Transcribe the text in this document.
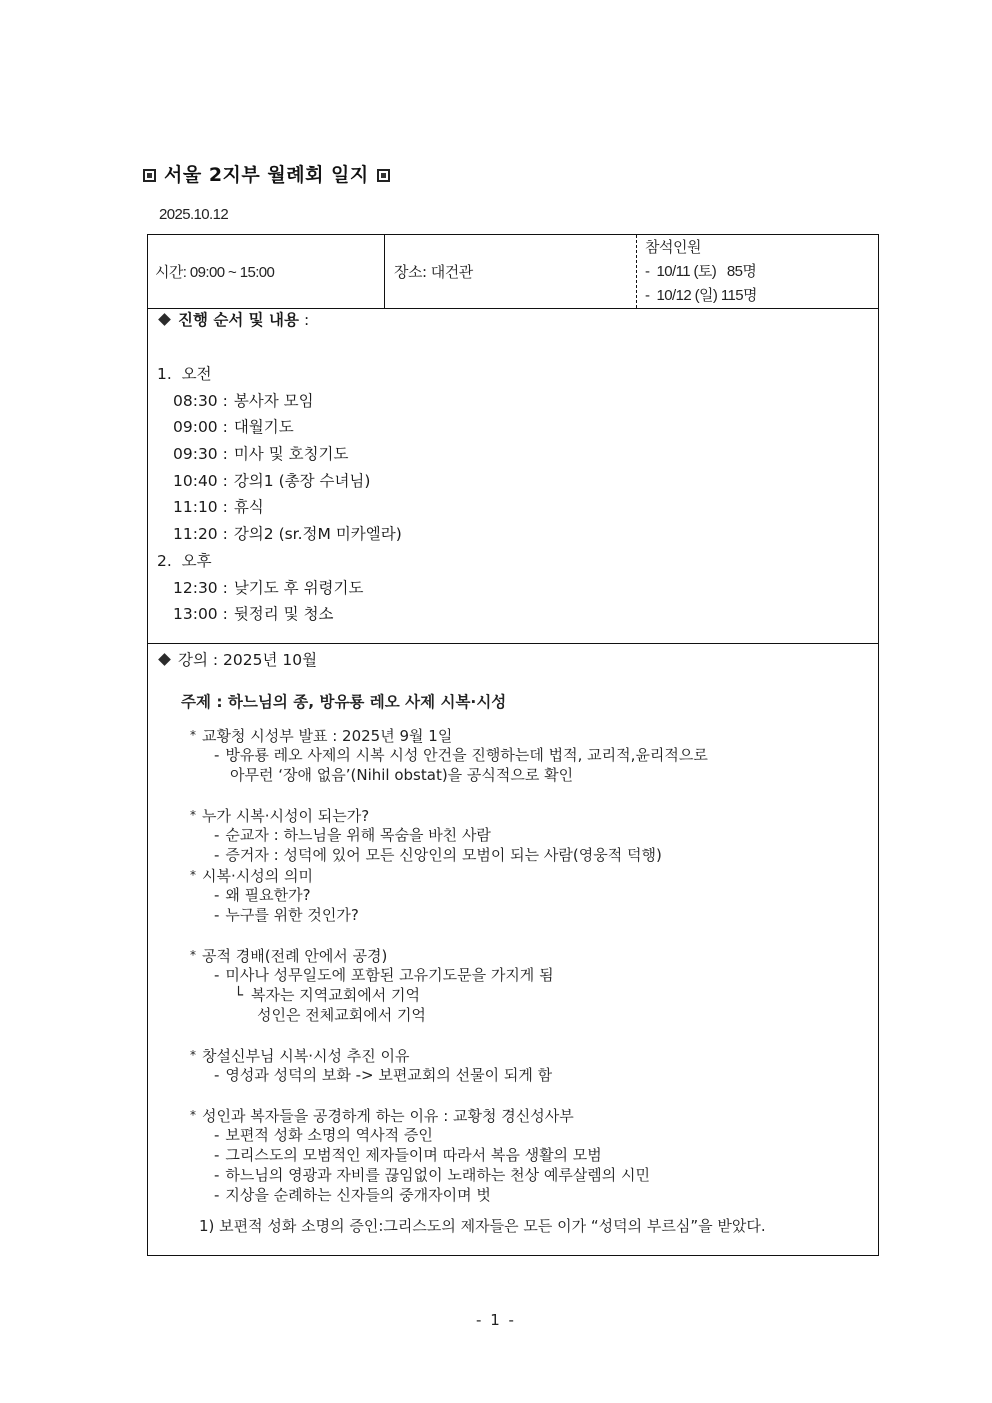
서울 2지부 월례회 일지
2025.10.12
시간: 09:00 ~ 15:00	장소: 대건관
참석인원
-  10/11 (토)   85명
-  10/12 (일) 115명
진행 순서 및 내용 :
1.  오전
08:30 : 봉사자 모임
09:00 : 대월기도
09:30 : 미사 및 호칭기도
10:40 : 강의1 (총장 수녀님)
11:10 : 휴식
11:20 : 강의2 (sr.정M 미카엘라)
2.  오후
12:30 : 낮기도 후 위령기도
13:00 : 뒷정리 및 청소
강의 : 2025년 10월
주제 : 하느님의 종, 방유룡 레오 사제 시복·시성
* 교황청 시성부 발표 : 2025년 9월 1일
- 방유룡 레오 사제의 시복 시성 안건을 진행하는데 법적, 교리적,윤리적으로
아무런 ‘장애 없음’(Nihil obstat)을 공식적으로 확인
* 누가 시복·시성이 되는가?
- 순교자 : 하느님을 위해 목숨을 바친 사람
- 증거자 : 성덕에 있어 모든 신앙인의 모범이 되는 사람(영웅적 덕행)
* 시복·시성의 의미
- 왜 필요한가?
- 누구를 위한 것인가?
* 공적 경배(전례 안에서 공경)
- 미사나 성무일도에 포함된 고유기도문을 가지게 됨
└ 복자는 지역교회에서 기억
성인은 전체교회에서 기억
* 창설신부님 시복·시성 추진 이유
- 영성과 성덕의 보화 -> 보편교회의 선물이 되게 함
* 성인과 복자들을 공경하게 하는 이유 : 교황청 경신성사부
- 보편적 성화 소명의 역사적 증인
- 그리스도의 모범적인 제자들이며 따라서 복음 생활의 모범
- 하느님의 영광과 자비를 끊임없이 노래하는 천상 예루살렘의 시민
- 지상을 순례하는 신자들의 중개자이며 벗
1) 보편적 성화 소명의 증인:그리스도의 제자들은 모든 이가 “성덕의 부르심”을 받았다.
- 1 -
